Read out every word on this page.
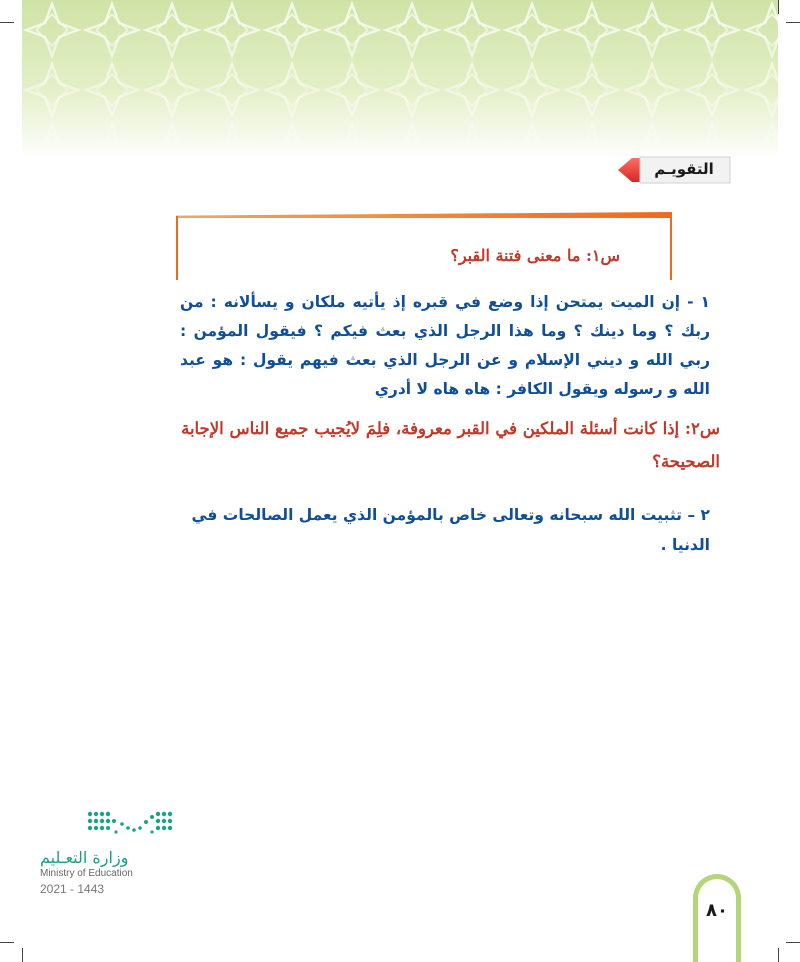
التقويـم

س١: ما معنى فتنة القبر؟

١ - إن الميت يمتحن إذا وضع في قبره إذ يأتيه ملكان و يسألانه : من ربك ؟ وما دينك ؟ وما هذا الرجل الذي بعث فيكم ؟ فيقول المؤمن : ربي الله و ديني الإسلام و عن الرجل الذي بعث فيهم يقول : هو عبد الله و رسوله ويقول الكافر : هاه هاه لا أدري

س٢: إذا كانت أسئلة الملكين في القبر معروفة، فلِمَ لايُجيب جميع الناس الإجابة الصحيحة؟

٢ – تثبيت الله سبحانه وتعالى خاص بالمؤمن الذي يعمل الصالحات في الدنيا .

وزارة التعـليم
Ministry of Education
2021 - 1443
٨٠
